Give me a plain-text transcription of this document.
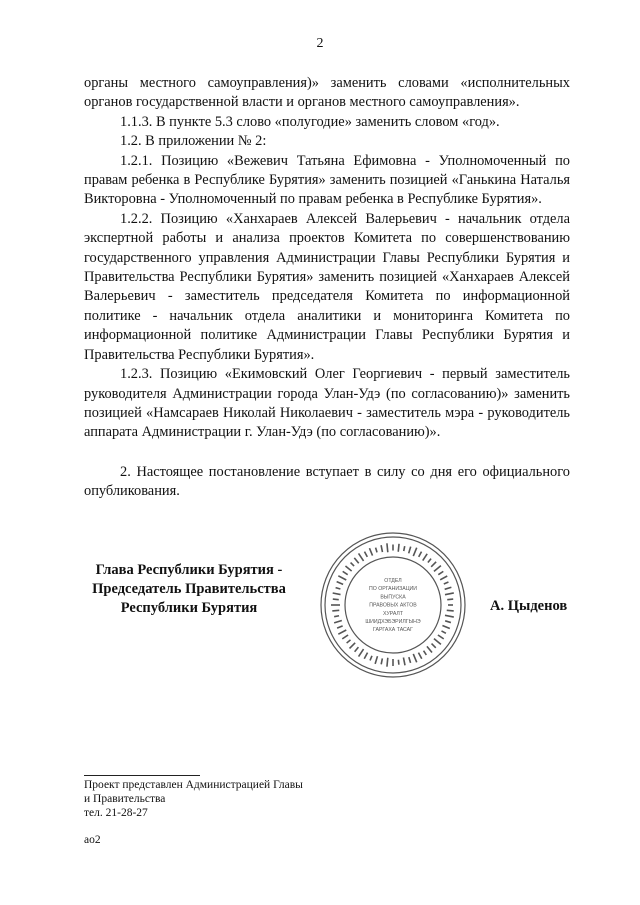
2

органы местного самоуправления)» заменить словами «исполнительных органов государственной власти и органов местного самоуправления».

1.1.3. В пункте 5.3 слово «полугодие» заменить словом «год».

1.2. В приложении № 2:

1.2.1. Позицию «Вежевич Татьяна Ефимовна - Уполномоченный по правам ребенка в Республике Бурятия» заменить позицией «Ганькина Наталья Викторовна - Уполномоченный по правам ребенка в Республике Бурятия».

1.2.2. Позицию «Ханхараев Алексей Валерьевич - начальник отдела экспертной работы и анализа проектов Комитета по совершенствованию государственного управления Администрации Главы Республики Бурятия и Правительства Республики Бурятия» заменить позицией «Ханхараев Алексей Валерьевич - заместитель председателя Комитета по информационной политике - начальник отдела аналитики и мониторинга Комитета по информационной политике Администрации Главы Республики Бурятия и Правительства Республики Бурятия».

1.2.3. Позицию «Екимовский Олег Георгиевич - первый заместитель руководителя Администрации города Улан-Удэ (по согласованию)» заменить позицией «Намсараев Николай Николаевич - заместитель мэра - руководитель аппарата Администрации г. Улан-Удэ (по согласованию)».

2. Настоящее постановление вступает в силу со дня его официального опубликования.

Глава Республики Бурятия -
Председатель Правительства
Республики Бурятия
ОТДЕЛ
ПО ОРГАНИЗАЦИИ
ВЫПУСКА
ПРАВОВЫХ АКТОВ
ХУРАЛТ
ШИИДХЭБЭРИЛГЫНЭ
ГАРГАХА ТАСАГ
А. Цыденов
Проект представлен Администрацией Главы
и Правительства
тел. 21-28-27
ао2
